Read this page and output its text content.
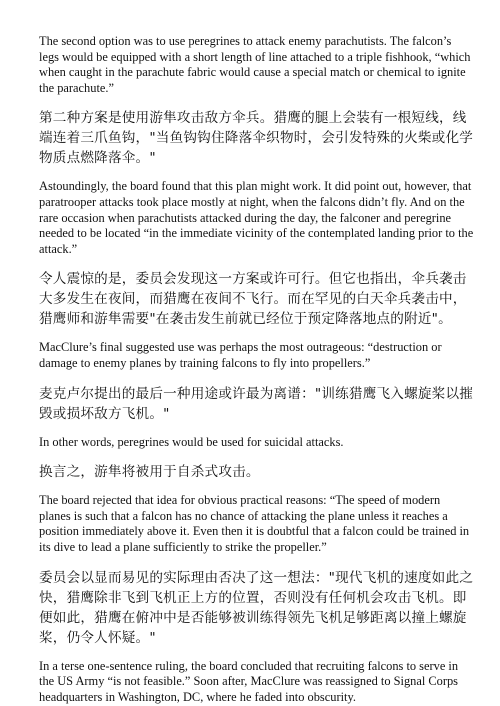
The second option was to use peregrines to attack enemy parachutists. The falcon’s legs would be equipped with a short length of line attached to a triple fishhook, “which when caught in the parachute fabric would cause a special match or chemical to ignite the parachute.”

第二种方案是使用游隼攻击敌方伞兵。猎鹰的腿上会装有一根短线，线端连着三爪鱼钩，"当鱼钩钩住降落伞织物时，会引发特殊的火柴或化学物质点燃降落伞。"

Astoundingly, the board found that this plan might work. It did point out, however, that paratrooper attacks took place mostly at night, when the falcons didn’t fly. And on the rare occasion when parachutists attacked during the day, the falconer and peregrine needed to be located “in the immediate vicinity of the contemplated landing prior to the attack.”

令人震惊的是，委员会发现这一方案或许可行。但它也指出，伞兵袭击大多发生在夜间，而猎鹰在夜间不飞行。而在罕见的白天伞兵袭击中，猎鹰师和游隼需要"在袭击发生前就已经位于预定降落地点的附近"。

MacClure’s final suggested use was perhaps the most outrageous: “destruction or damage to enemy planes by training falcons to fly into propellers.”

麦克卢尔提出的最后一种用途或许最为离谱："训练猎鹰飞入螺旋桨以摧毁或损坏敌方飞机。"

In other words, peregrines would be used for suicidal attacks.

换言之，游隼将被用于自杀式攻击。

The board rejected that idea for obvious practical reasons: “The speed of modern planes is such that a falcon has no chance of attacking the plane unless it reaches a position immediately above it. Even then it is doubtful that a falcon could be trained in its dive to lead a plane sufficiently to strike the propeller.”

委员会以显而易见的实际理由否决了这一想法："现代飞机的速度如此之快，猎鹰除非飞到飞机正上方的位置，否则没有任何机会攻击飞机。即便如此，猎鹰在俯冲中是否能够被训练得领先飞机足够距离以撞上螺旋桨，仍令人怀疑。"

In a terse one-sentence ruling, the board concluded that recruiting falcons to serve in the US Army “is not feasible.” Soon after, MacClure was reassigned to Signal Corps headquarters in Washington, DC, where he faded into obscurity.
